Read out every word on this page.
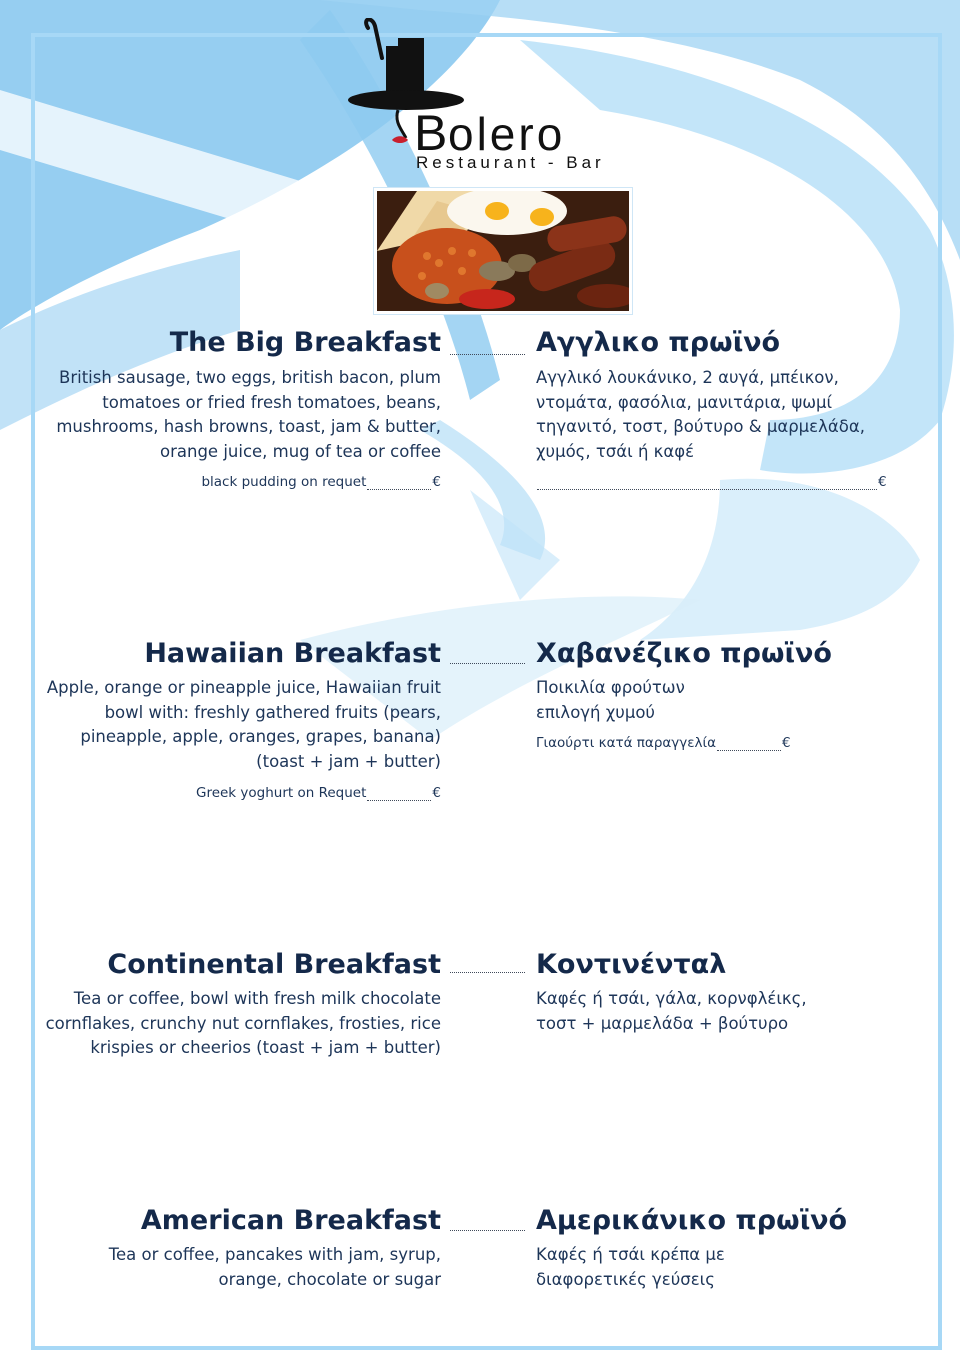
B olero
Restaurant - Bar
The Big Breakfast	Αγγλικο πρωϊνό

British sausage, two eggs, british bacon, plum tomatoes or fried fresh tomatoes, beans, mushrooms, hash browns, toast, jam & butter, orange juice, mug of tea or coffee

Αγγλικό λουκάνικο, 2 αυγά, μπέικον, ντομάτα, φασόλια, μανιτάρια, ψωμί τηγανιτό, τοστ, βούτυρο & μαρμελάδα, χυμός, τσάι ή καφέ

black pudding on requet	€	€
Hawaiian Breakfast	Χαβανέζικο πρωϊνό

Apple, orange or pineapple juice, Hawaiian fruit bowl with: freshly gathered fruits (pears, pineapple, apple, oranges, grapes, banana) (toast + jam + butter)

Ποικιλία φρούτων επιλογή χυμού

Greek yoghurt on Requet	€
Γιαούρτι κατά παραγγελία	€
Continental Breakfast	Κοντινένταλ

Tea or coffee, bowl with fresh milk chocolate cornflakes, crunchy nut cornflakes, frosties, rice krispies or cheerios (toast + jam + butter)

Καφές ή τσάι, γάλα, κορνφλέικς, τοστ + μαρμελάδα + βούτυρο

American Breakfast	Αμερικάνικο πρωϊνό

Tea or coffee, pancakes with jam, syrup, orange, chocolate or sugar

Καφές ή τσάι κρέπα με διαφορετικές γεύσεις
